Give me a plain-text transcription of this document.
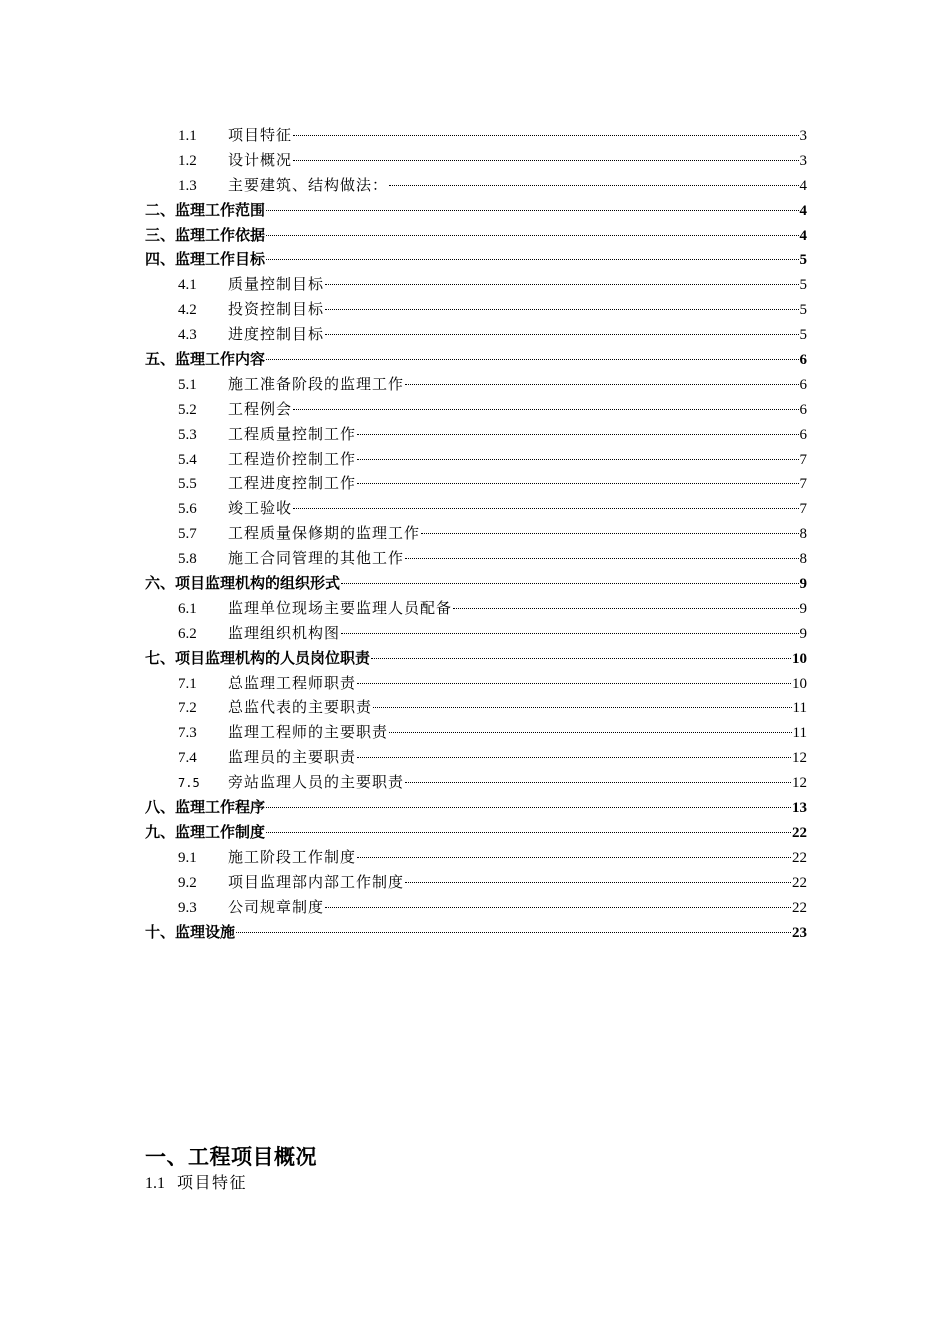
1.1	项目特征	3
1.2	设计概况	3
1.3	主要建筑、结构做法：	4
二、监理工作范围	4
三、监理工作依据	4
四、监理工作目标	5
4.1	质量控制目标	5
4.2	投资控制目标	5
4.3	进度控制目标	5
五、监理工作内容	6
5.1	施工准备阶段的监理工作	6
5.2	工程例会	6
5.3	工程质量控制工作	6
5.4	工程造价控制工作	7
5.5	工程进度控制工作	7
5.6	竣工验收	7
5.7	工程质量保修期的监理工作	8
5.8	施工合同管理的其他工作	8
六、项目监理机构的组织形式	9
6.1	监理单位现场主要监理人员配备	9
6.2	监理组织机构图	9
七、项目监理机构的人员岗位职责	10
7.1	总监理工程师职责	10
7.2	总监代表的主要职责	11
7.3	监理工程师的主要职责	11
7.4	监理员的主要职责	12
7.5	旁站监理人员的主要职责	12
八、监理工作程序	13
九、监理工作制度	22
9.1	施工阶段工作制度	22
9.2	项目监理部内部工作制度	22
9.3	公司规章制度	22
十、监理设施	23
一、工程项目概况
1.1 项目特征
